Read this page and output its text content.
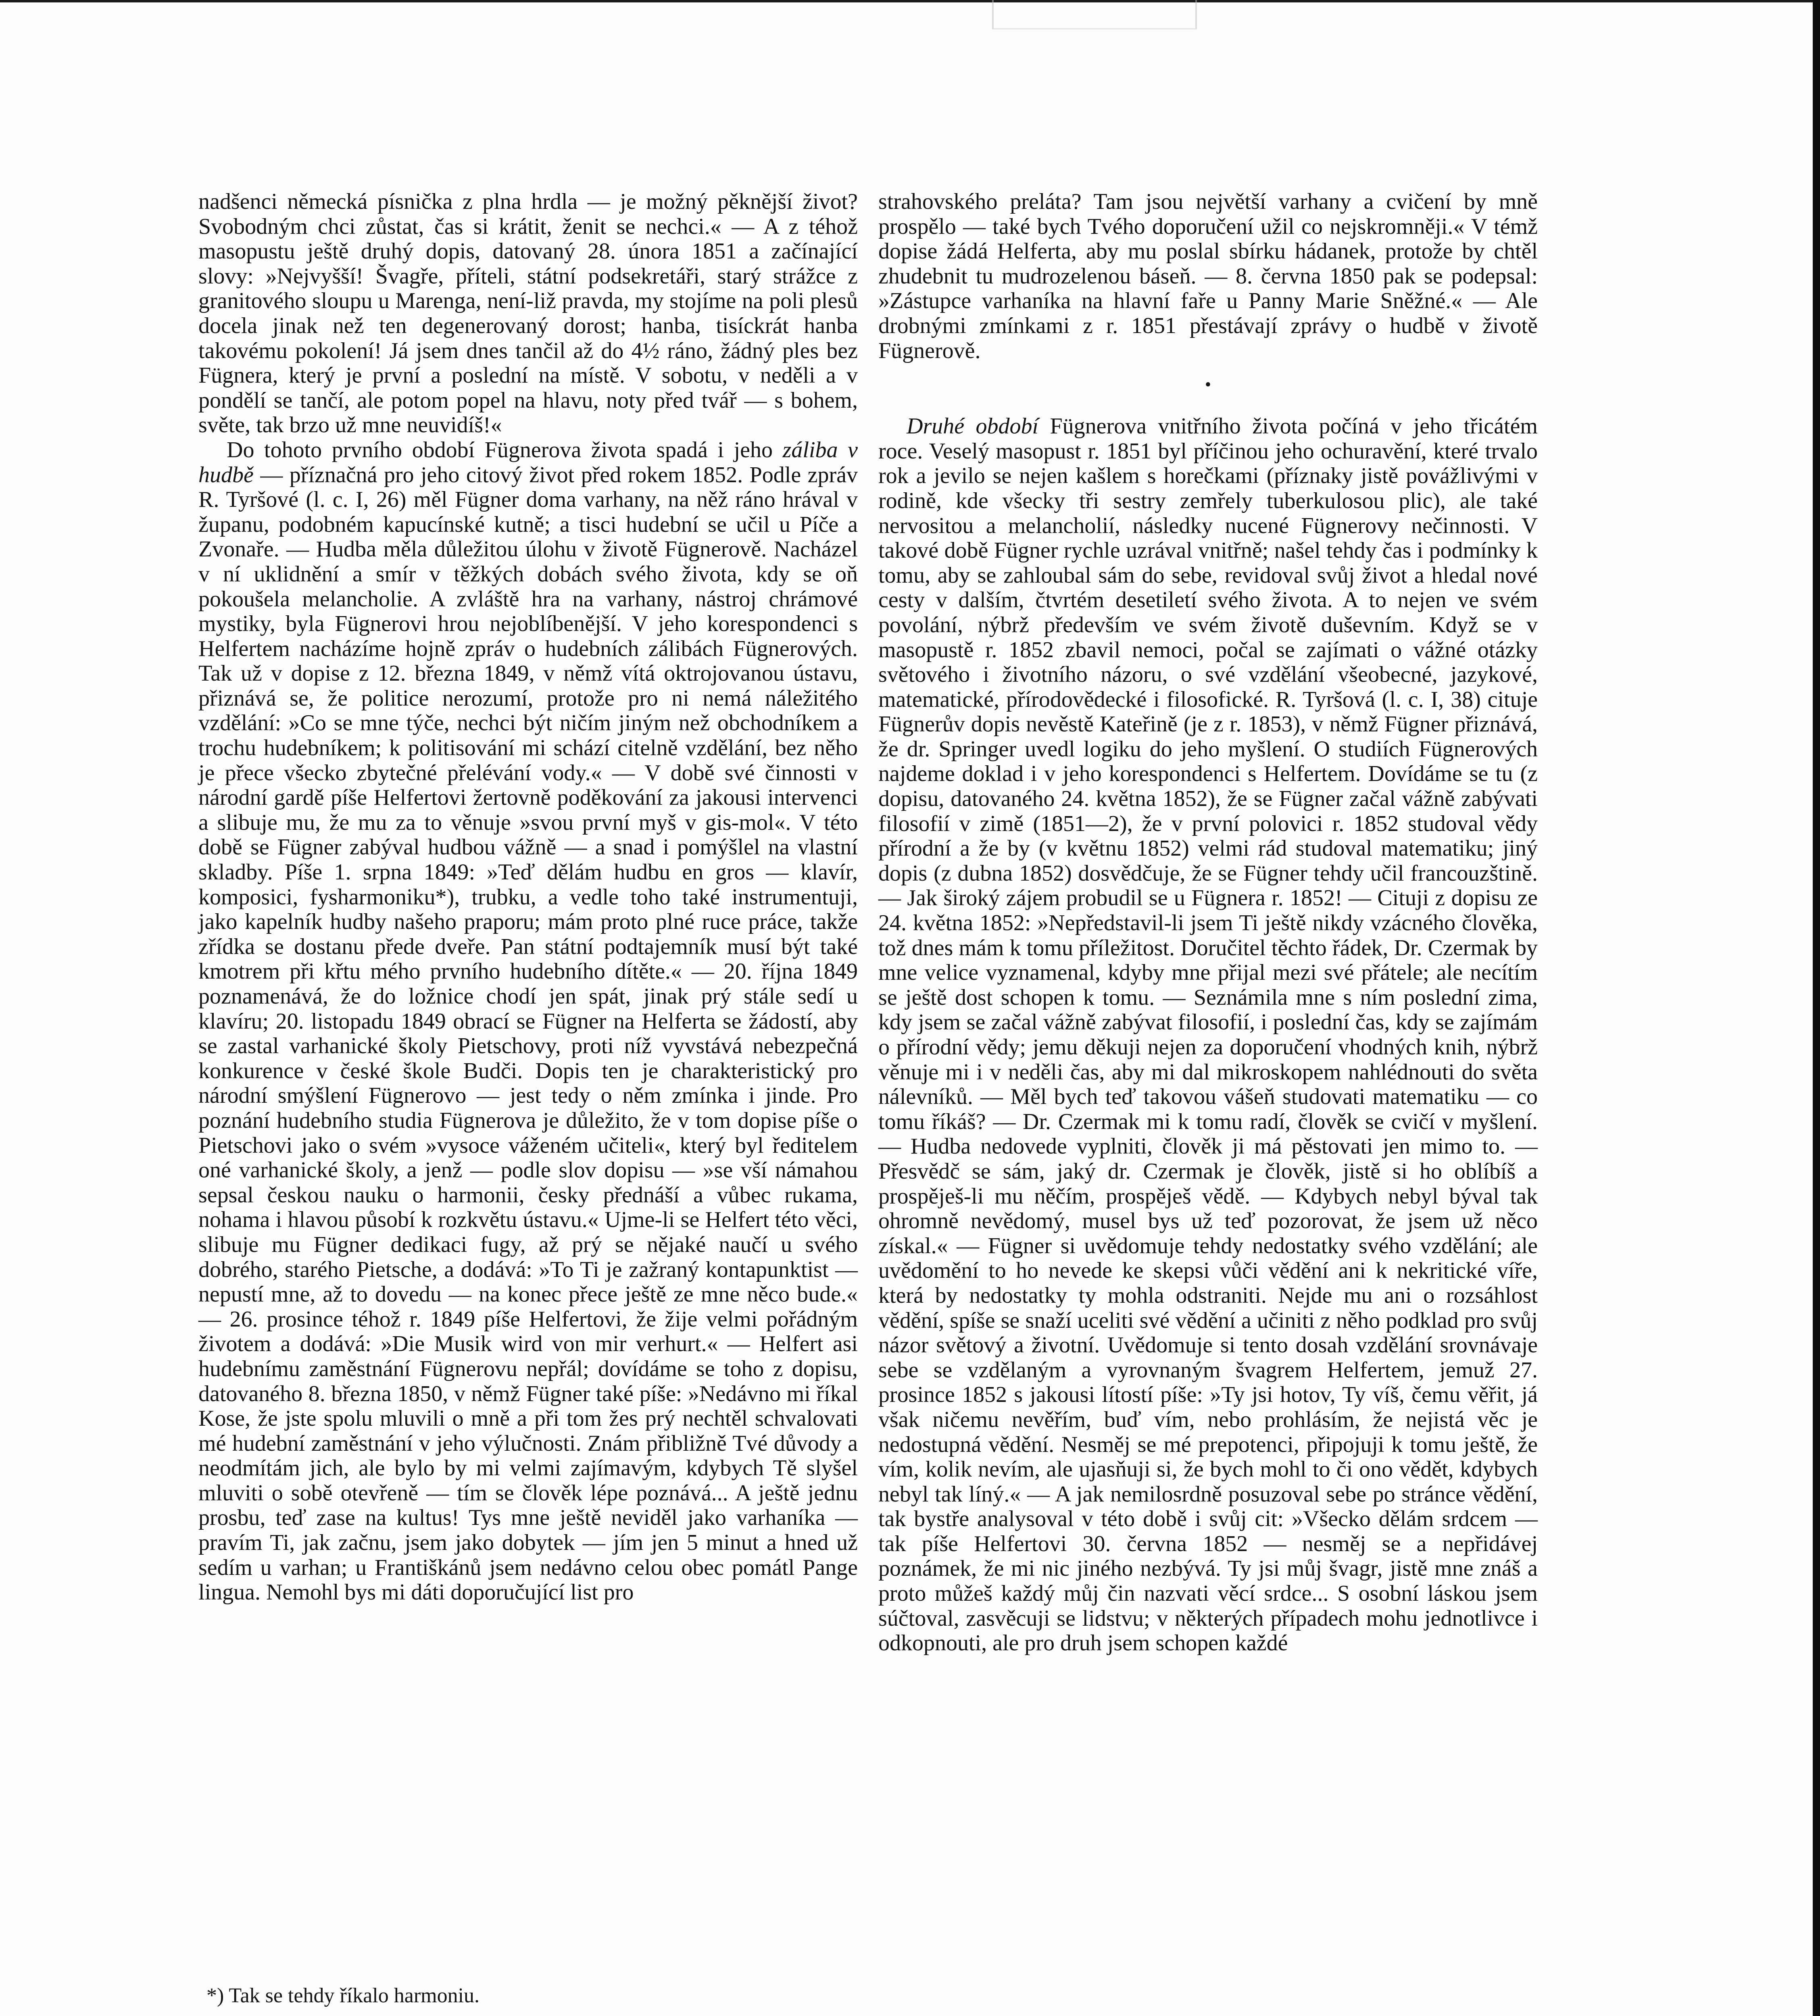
nadšenci německá písnička z plna hrdla — je možný pěknější život? Svobodným chci zůstat, čas si krátit, ženit se nechci.« — A z téhož masopustu ještě druhý dopis, datovaný 28. února 1851 a začínající slovy: »Nejvyšší! Švagře, příteli, státní podsekretáři, starý strážce z granitového sloupu u Marenga, není-liž pravda, my stojíme na poli plesů docela jinak než ten degenerovaný dorost; hanba, tisíckrát hanba takovému pokolení! Já jsem dnes tančil až do 4½ ráno, žádný ples bez Fügnera, který je první a poslední na místě. V sobotu, v neděli a v pondělí se tančí, ale potom popel na hlavu, noty před tvář — s bohem, světe, tak brzo už mne neuvidíš!«

Do tohoto prvního období Fügnerova života spadá i jeho záliba v hudbě — příznačná pro jeho citový život před rokem 1852. Podle zpráv R. Tyršové (l. c. I, 26) měl Fügner doma varhany, na něž ráno hrával v županu, podobném kapucínské kutně; a tisci hudební se učil u Píče a Zvonaře. — Hudba měla důležitou úlohu v životě Fügnerově. Nacházel v ní uklidnění a smír v těžkých dobách svého života, kdy se oň pokoušela melancholie. A zvláště hra na varhany, nástroj chrámové mystiky, byla Fügnerovi hrou nejoblíbenější. V jeho korespondenci s Helfertem nacházíme hojně zpráv o hudebních zálibách Fügnerových. Tak už v dopise z 12. března 1849, v němž vítá oktrojovanou ústavu, přiznává se, že politice nerozumí, protože pro ni nemá náležitého vzdělání: »Co se mne týče, nechci být ničím jiným než obchodníkem a trochu hudebníkem; k politisování mi schází citelně vzdělání, bez něho je přece všecko zbytečné přelévání vody.« — V době své činnosti v národní gardě píše Helfertovi žertovně poděkování za jakousi intervenci a slibuje mu, že mu za to věnuje »svou první myš v gis-mol«. V této době se Fügner zabýval hudbou vážně — a snad i pomýšlel na vlastní skladby. Píše 1. srpna 1849: »Teď dělám hudbu en gros — klavír, komposici, fysharmoniku*), trubku, a vedle toho také instrumentuji, jako kapelník hudby našeho praporu; mám proto plné ruce práce, takže zřídka se dostanu přede dveře. Pan státní podtajemník musí být také kmotrem při křtu mého prvního hudebního dítěte.« — 20. října 1849 poznamenává, že do ložnice chodí jen spát, jinak prý stále sedí u klavíru; 20. listopadu 1849 obrací se Fügner na Helferta se žádostí, aby se zastal varhanické školy Pietschovy, proti níž vyvstává nebezpečná konkurence v české škole Budči. Dopis ten je charakteristický pro národní smýšlení Fügnerovo — jest tedy o něm zmínka i jinde. Pro poznání hudebního studia Fügnerova je důležito, že v tom dopise píše o Pietschovi jako o svém »vysoce váženém učiteli«, který byl ředitelem oné varhanické školy, a jenž — podle slov dopisu — »se vší námahou sepsal českou nauku o harmonii, česky přednáší a vůbec rukama, nohama i hlavou působí k rozkvětu ústavu.« Ujme-li se Helfert této věci, slibuje mu Fügner dedikaci fugy, až prý se nějaké naučí u svého dobrého, starého Pietsche, a dodává: »To Ti je zažraný kontapunktist — nepustí mne, až to dovedu — na konec přece ještě ze mne něco bude.« — 26. prosince téhož r. 1849 píše Helfertovi, že žije velmi pořádným životem a dodává: »Die Musik wird von mir verhurt.« — Helfert asi hudebnímu zaměstnání Fügnerovu nepřál; dovídáme se toho z dopisu, datovaného 8. března 1850, v němž Fügner také píše: »Nedávno mi říkal Kose, že jste spolu mluvili o mně a při tom žes prý nechtěl schvalovati mé hudební zaměstnání v jeho výlučnosti. Znám přibližně Tvé důvody a neodmítám jich, ale bylo by mi velmi zajímavým, kdybych Tě slyšel mluviti o sobě otevřeně — tím se člověk lépe poznává... A ještě jednu prosbu, teď zase na kultus! Tys mne ještě neviděl jako varhaníka — pravím Ti, jak začnu, jsem jako dobytek — jím jen 5 minut a hned už sedím u varhan; u Františkánů jsem nedávno celou obec pomátl Pange lingua. Nemohl bys mi dáti doporučující list pro

*) Tak se tehdy říkalo harmoniu.

strahovského preláta? Tam jsou největší varhany a cvičení by mně prospělo — také bych Tvého doporučení užil co nejskromněji.« V témž dopise žádá Helferta, aby mu poslal sbírku hádanek, protože by chtěl zhudebnit tu mudrozelenou báseň. — 8. června 1850 pak se podepsal: »Zástupce varhaníka na hlavní faře u Panny Marie Sněžné.« — Ale drobnými zmínkami z r. 1851 přestávají zprávy o hudbě v životě Fügnerově.

•

Druhé období Fügnerova vnitřního života počíná v jeho třicátém roce. Veselý masopust r. 1851 byl příčinou jeho ochuravění, které trvalo rok a jevilo se nejen kašlem s horečkami (příznaky jistě povážlivými v rodině, kde všecky tři sestry zemřely tuberkulosou plic), ale také nervositou a melancholií, následky nucené Fügnerovy nečinnosti. V takové době Fügner rychle uzrával vnitřně; našel tehdy čas i podmínky k tomu, aby se zahloubal sám do sebe, revidoval svůj život a hledal nové cesty v dalším, čtvrtém desetiletí svého života. A to nejen ve svém povolání, nýbrž především ve svém životě duševním. Když se v masopustě r. 1852 zbavil nemoci, počal se zajímati o vážné otázky světového i životního názoru, o své vzdělání všeobecné, jazykové, matematické, přírodovědecké i filosofické. R. Tyršová (l. c. I, 38) cituje Fügnerův dopis nevěstě Kateřině (je z r. 1853), v němž Fügner přiznává, že dr. Springer uvedl logiku do jeho myšlení. O studiích Fügnerových najdeme doklad i v jeho korespondenci s Helfertem. Dovídáme se tu (z dopisu, datovaného 24. května 1852), že se Fügner začal vážně zabývati filosofií v zimě (1851—2), že v první polovici r. 1852 studoval vědy přírodní a že by (v květnu 1852) velmi rád studoval matematiku; jiný dopis (z dubna 1852) dosvědčuje, že se Fügner tehdy učil francouzštině. — Jak široký zájem probudil se u Fügnera r. 1852! — Cituji z dopisu ze 24. května 1852: »Nepředstavil-li jsem Ti ještě nikdy vzácného člověka, tož dnes mám k tomu příležitost. Doručitel těchto řádek, Dr. Czermak by mne velice vyznamenal, kdyby mne přijal mezi své přátele; ale necítím se ještě dost schopen k tomu. — Seznámila mne s ním poslední zima, kdy jsem se začal vážně zabývat filosofií, i poslední čas, kdy se zajímám o přírodní vědy; jemu děkuji nejen za doporučení vhodných knih, nýbrž věnuje mi i v neděli čas, aby mi dal mikroskopem nahlédnouti do světa nálevníků. — Měl bych teď takovou vášeň studovati matematiku — co tomu říkáš? — Dr. Czermak mi k tomu radí, člověk se cvičí v myšlení. — Hudba nedovede vyplniti, člověk ji má pěstovati jen mimo to. — Přesvědč se sám, jaký dr. Czermak je člověk, jistě si ho oblíbíš a prospěješ-li mu něčím, prospěješ vědě. — Kdybych nebyl býval tak ohromně nevědomý, musel bys už teď pozorovat, že jsem už něco získal.« — Fügner si uvědomuje tehdy nedostatky svého vzdělání; ale uvědomění to ho nevede ke skepsi vůči vědění ani k nekritické víře, která by nedostatky ty mohla odstraniti. Nejde mu ani o rozsáhlost vědění, spíše se snaží uceliti své vědění a učiniti z něho podklad pro svůj názor světový a životní. Uvědomuje si tento dosah vzdělání srovnávaje sebe se vzdělaným a vyrovnaným švagrem Helfertem, jemuž 27. prosince 1852 s jakousi lítostí píše: »Ty jsi hotov, Ty víš, čemu věřit, já však ničemu nevěřím, buď vím, nebo prohlásím, že nejistá věc je nedostupná vědění. Nesměj se mé prepotenci, připojuji k tomu ještě, že vím, kolik nevím, ale ujasňuji si, že bych mohl to či ono vědět, kdybych nebyl tak líný.« — A jak nemilosrdně posuzoval sebe po stránce vědění, tak bystře analysoval v této době i svůj cit: »Všecko dělám srdcem — tak píše Helfertovi 30. června 1852 — nesměj se a nepřidávej poznámek, že mi nic jiného nezbývá. Ty jsi můj švagr, jistě mne znáš a proto můžeš každý můj čin nazvati věcí srdce... S osobní láskou jsem súčtoval, zasvěcuji se lidstvu; v některých případech mohu jednotlivce i odkopnouti, ale pro druh jsem schopen každé
